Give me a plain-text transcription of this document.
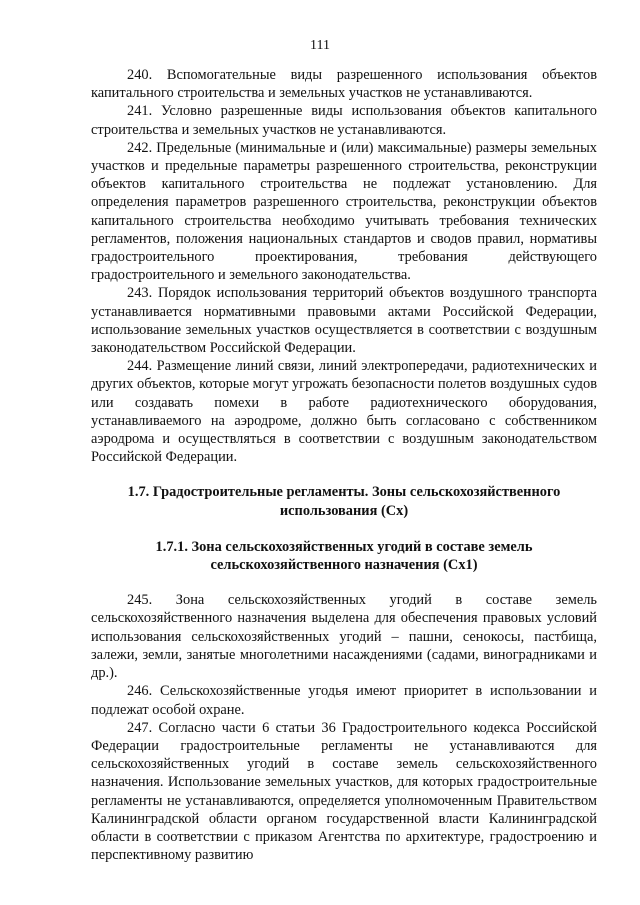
111

240. Вспомогательные виды разрешенного использования объектов капитального строительства и земельных участков не устанавливаются.

241. Условно разрешенные виды использования объектов капитального строительства и земельных участков не устанавливаются.

242. Предельные (минимальные и (или) максимальные) размеры земельных участков и предельные параметры разрешенного строительства, реконструкции объектов капитального строительства не подлежат установлению. Для определения параметров разрешенного строительства, реконструкции объектов капитального строительства необходимо учитывать требования технических регламентов, положения национальных стандартов и сводов правил, нормативы градостроительного проектирования, требования действующего градостроительного и земельного законодательства.

243. Порядок использования территорий объектов воздушного транспорта устанавливается нормативными правовыми актами Российской Федерации, использование земельных участков осуществляется в соответствии с воздушным законодательством Российской Федерации.

244. Размещение линий связи, линий электропередачи, радиотехнических и других объектов, которые могут угрожать безопасности полетов воздушных судов или создавать помехи в работе радиотехнического оборудования, устанавливаемого на аэродроме, должно быть согласовано с собственником аэродрома и осуществляться в соответствии с воздушным законодательством Российской Федерации.

1.7. Градостроительные регламенты. Зоны сельскохозяйственного использования (Сх)

1.7.1. Зона сельскохозяйственных угодий в составе земель сельскохозяйственного назначения (Сх1)

245. Зона сельскохозяйственных угодий в составе земель сельскохозяйственного назначения выделена для обеспечения правовых условий использования сельскохозяйственных угодий – пашни, сенокосы, пастбища, залежи, земли, занятые многолетними насаждениями (садами, виноградниками и др.).

246. Сельскохозяйственные угодья имеют приоритет в использовании и подлежат особой охране.

247. Согласно части 6 статьи 36 Градостроительного кодекса Российской Федерации градостроительные регламенты не устанавливаются для сельскохозяйственных угодий в составе земель сельскохозяйственного назначения. Использование земельных участков, для которых градостроительные регламенты не устанавливаются, определяется уполномоченным Правительством Калининградской области органом государственной власти Калининградской области в соответствии с приказом Агентства по архитектуре, градостроению и перспективному развитию
